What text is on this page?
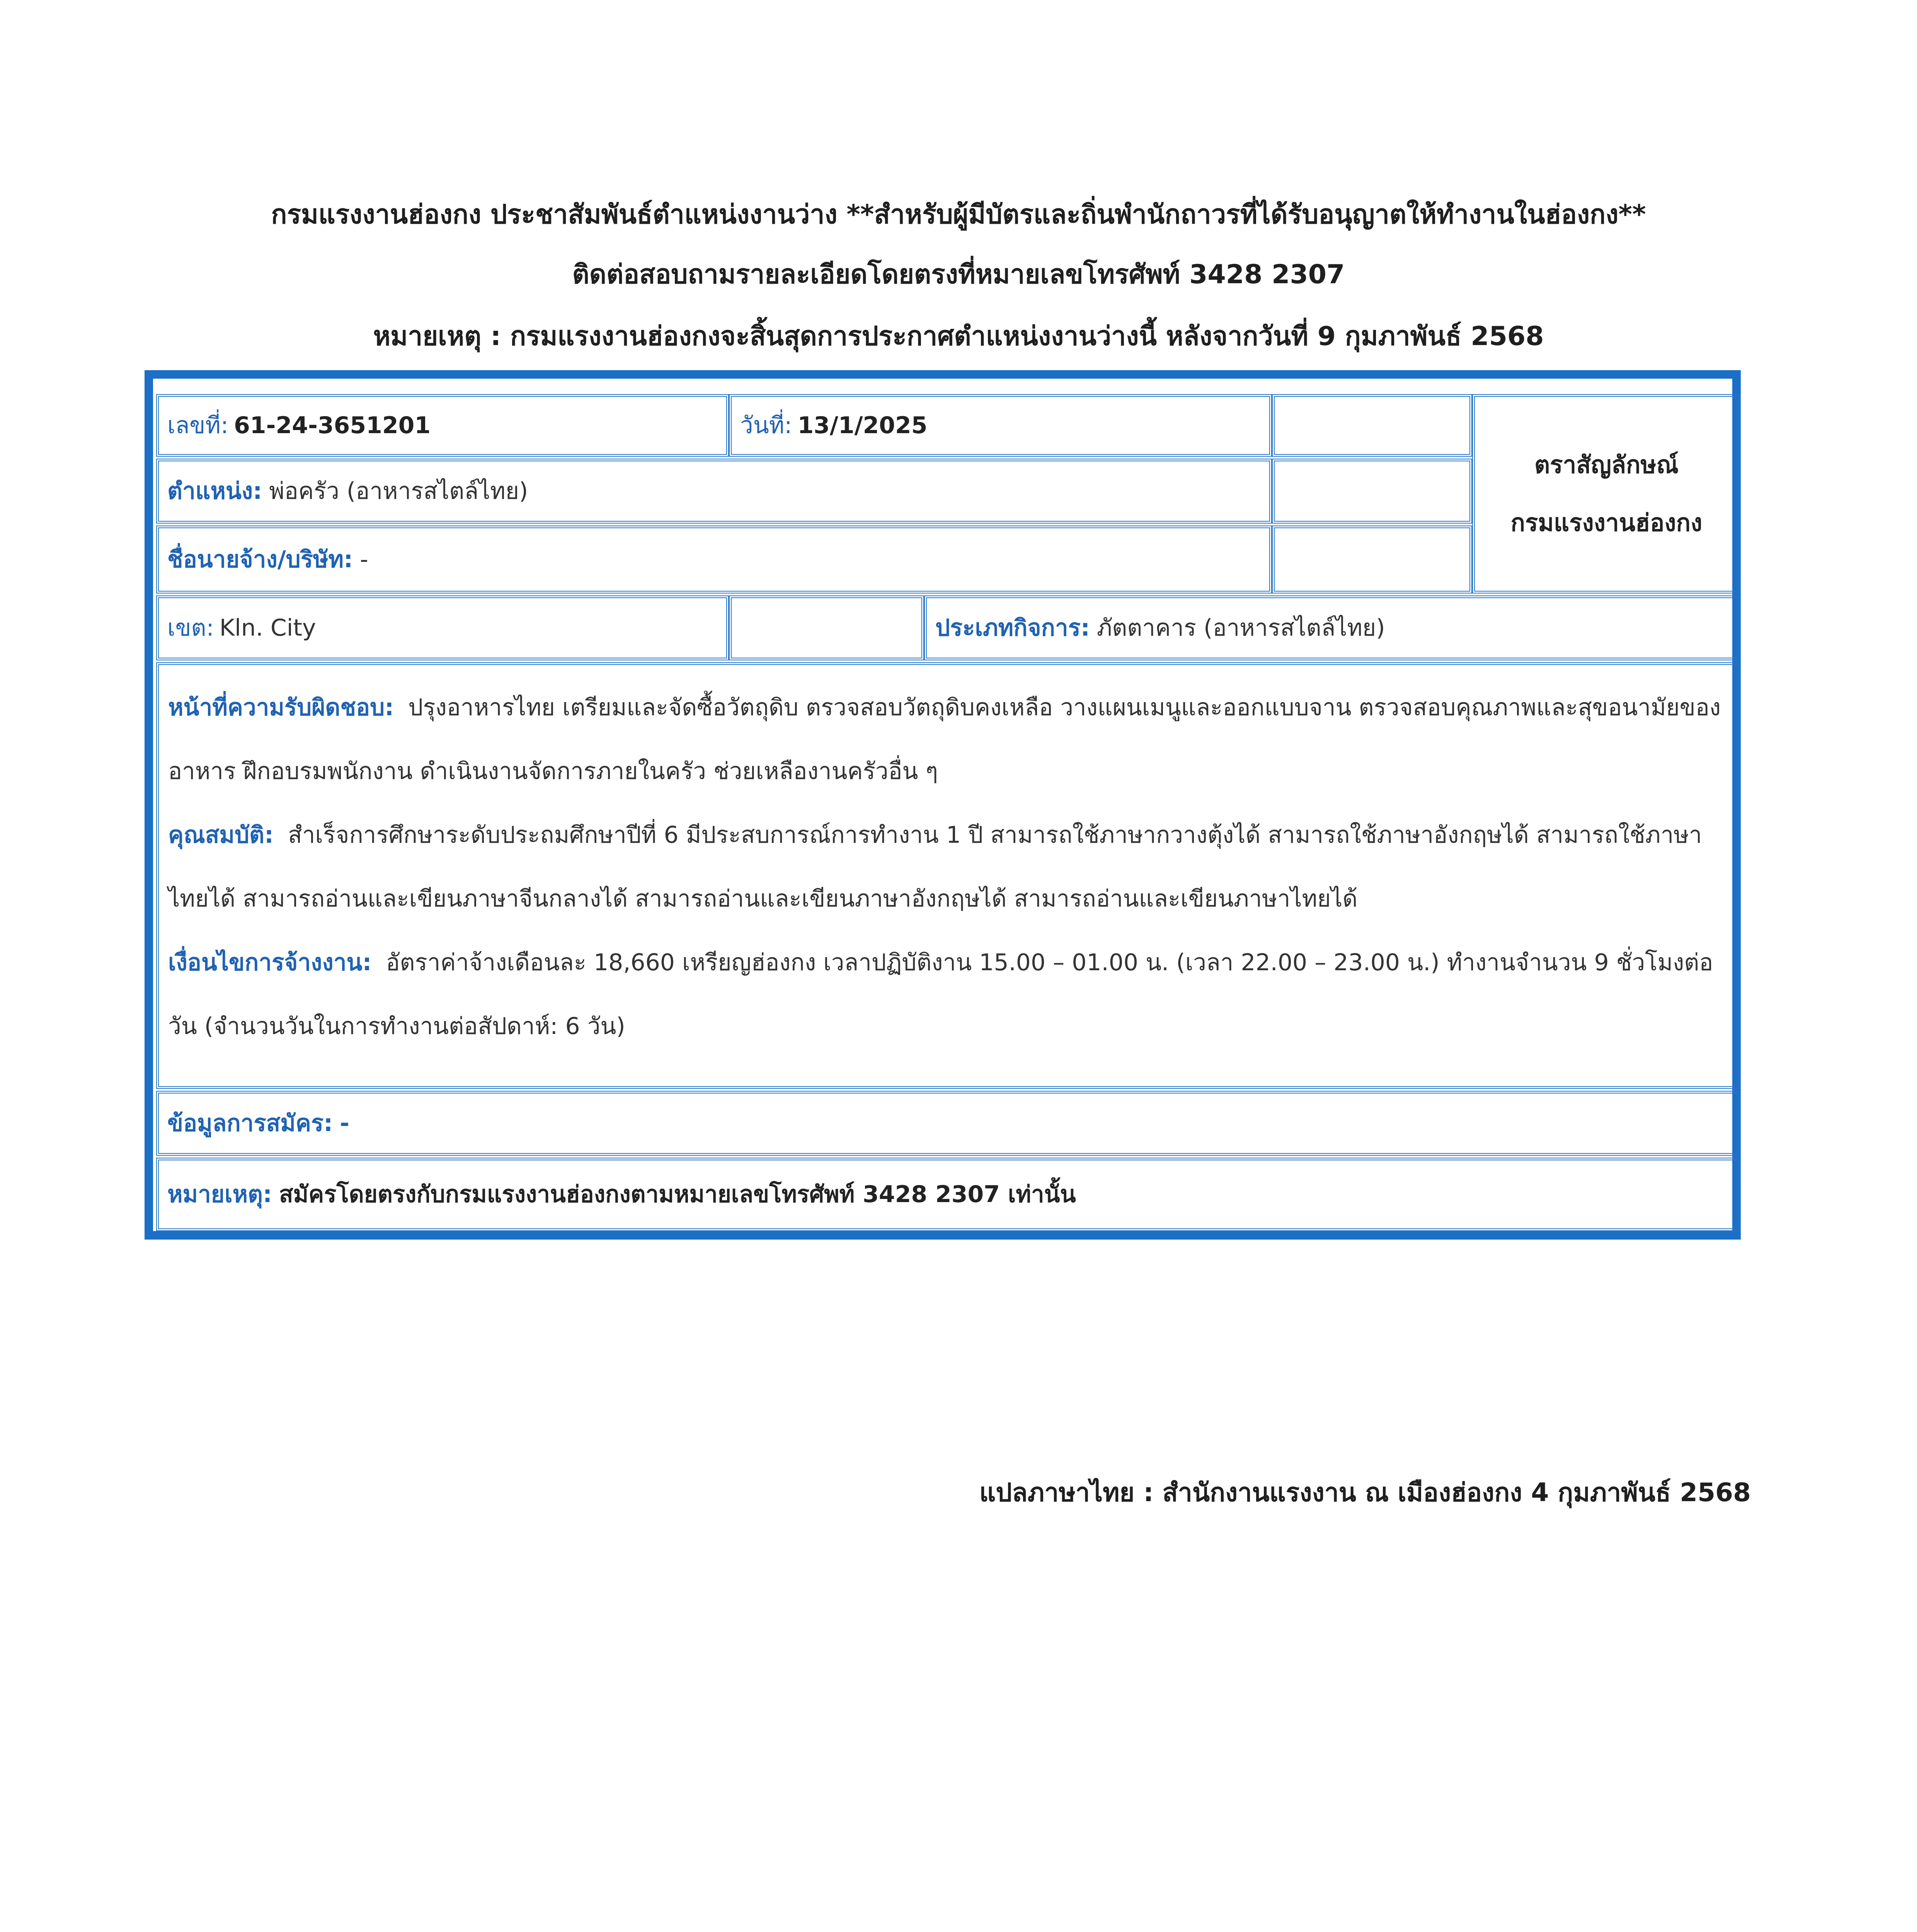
กรมแรงงานฮ่องกง ประชาสัมพันธ์ตำแหน่งงานว่าง **สำหรับผู้มีบัตรและถิ่นพำนักถาวรที่ได้รับอนุญาตให้ทำงานในฮ่องกง**
ติดต่อสอบถามรายละเอียดโดยตรงที่หมายเลขโทรศัพท์ 3428 2307
หมายเหตุ : กรมแรงงานฮ่องกงจะสิ้นสุดการประกาศตำแหน่งงานว่างนี้ หลังจากวันที่ 9 กุมภาพันธ์ 2568
เลขที่: 61-24-3651201	วันที่: 13/1/2025
ตราสัญลักษณ์
กรมแรงงานฮ่องกง
ตำแหน่ง: พ่อครัว (อาหารสไตล์ไทย)
ชื่อนายจ้าง/บริษัท: -
เขต: Kln. City	ประเภทกิจการ: ภัตตาคาร (อาหารสไตล์ไทย)

หน้าที่ความรับผิดชอบ: ปรุงอาหารไทย เตรียมและจัดซื้อวัตถุดิบ ตรวจสอบวัตถุดิบคงเหลือ วางแผนเมนูและออกแบบจาน ตรวจสอบคุณภาพและสุขอนามัยของอาหาร ฝึกอบรมพนักงาน ดำเนินงานจัดการภายในครัว ช่วยเหลืองานครัวอื่น ๆ

คุณสมบัติ: สำเร็จการศึกษาระดับประถมศึกษาปีที่ 6 มีประสบการณ์การทำงาน 1 ปี สามารถใช้ภาษากวางตุ้งได้ สามารถใช้ภาษาอังกฤษได้ สามารถใช้ภาษาไทยได้ สามารถอ่านและเขียนภาษาจีนกลางได้ สามารถอ่านและเขียนภาษาอังกฤษได้ สามารถอ่านและเขียนภาษาไทยได้

เงื่อนไขการจ้างงาน: อัตราค่าจ้างเดือนละ 18,660 เหรียญฮ่องกง เวลาปฏิบัติงาน 15.00 – 01.00 น. (เวลา 22.00 – 23.00 น.) ทำงานจำนวน 9 ชั่วโมงต่อวัน (จำนวนวันในการทำงานต่อสัปดาห์: 6 วัน)

ข้อมูลการสมัคร: -
หมายเหตุ: สมัครโดยตรงกับกรมแรงงานฮ่องกงตามหมายเลขโทรศัพท์ 3428 2307 เท่านั้น
แปลภาษาไทย : สำนักงานแรงงาน ณ เมืองฮ่องกง 4 กุมภาพันธ์ 2568
